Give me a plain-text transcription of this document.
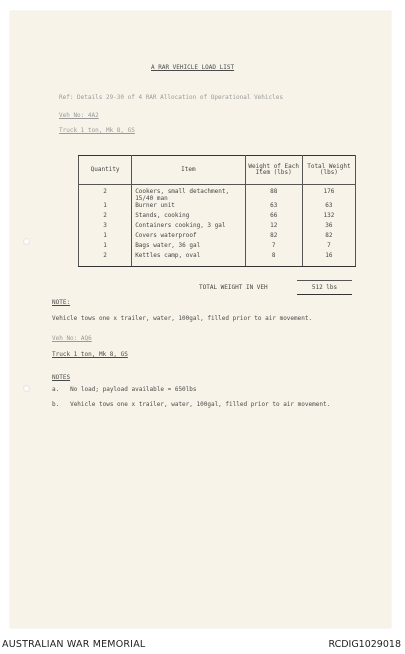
A RAR VEHICLE LOAD LIST
Ref: Details 29-30 of 4 RAR Allocation of Operational Vehicles
Veh No: 4A2
Truck 1 ton, Mk 8, GS
Quantity	Item	Weight of Each Item (lbs)	Total Weight (lbs)
2	Cookers, small detachment,
15/40 man	88	176
1	Burner unit	63	63
2	Stands, cooking	66	132
3	Containers cooking, 3 gal	12	36
1	Covers waterproof	82	82
1	Bags water, 36 gal	7	7
2	Kettles camp, oval	8	16
TOTAL WEIGHT IN VEH	512 lbs
NOTE:
Vehicle tows one x trailer, water, 100gal, filled prior to air movement.
Veh No: AQ6
Truck 1 ton, Mk 8, GS
NOTES
a. No load; payload available = 650lbs
b. Vehicle tows one x trailer, water, 100gal, filled prior to air movement.
AUSTRALIAN WAR MEMORIAL	RCDIG1029018
